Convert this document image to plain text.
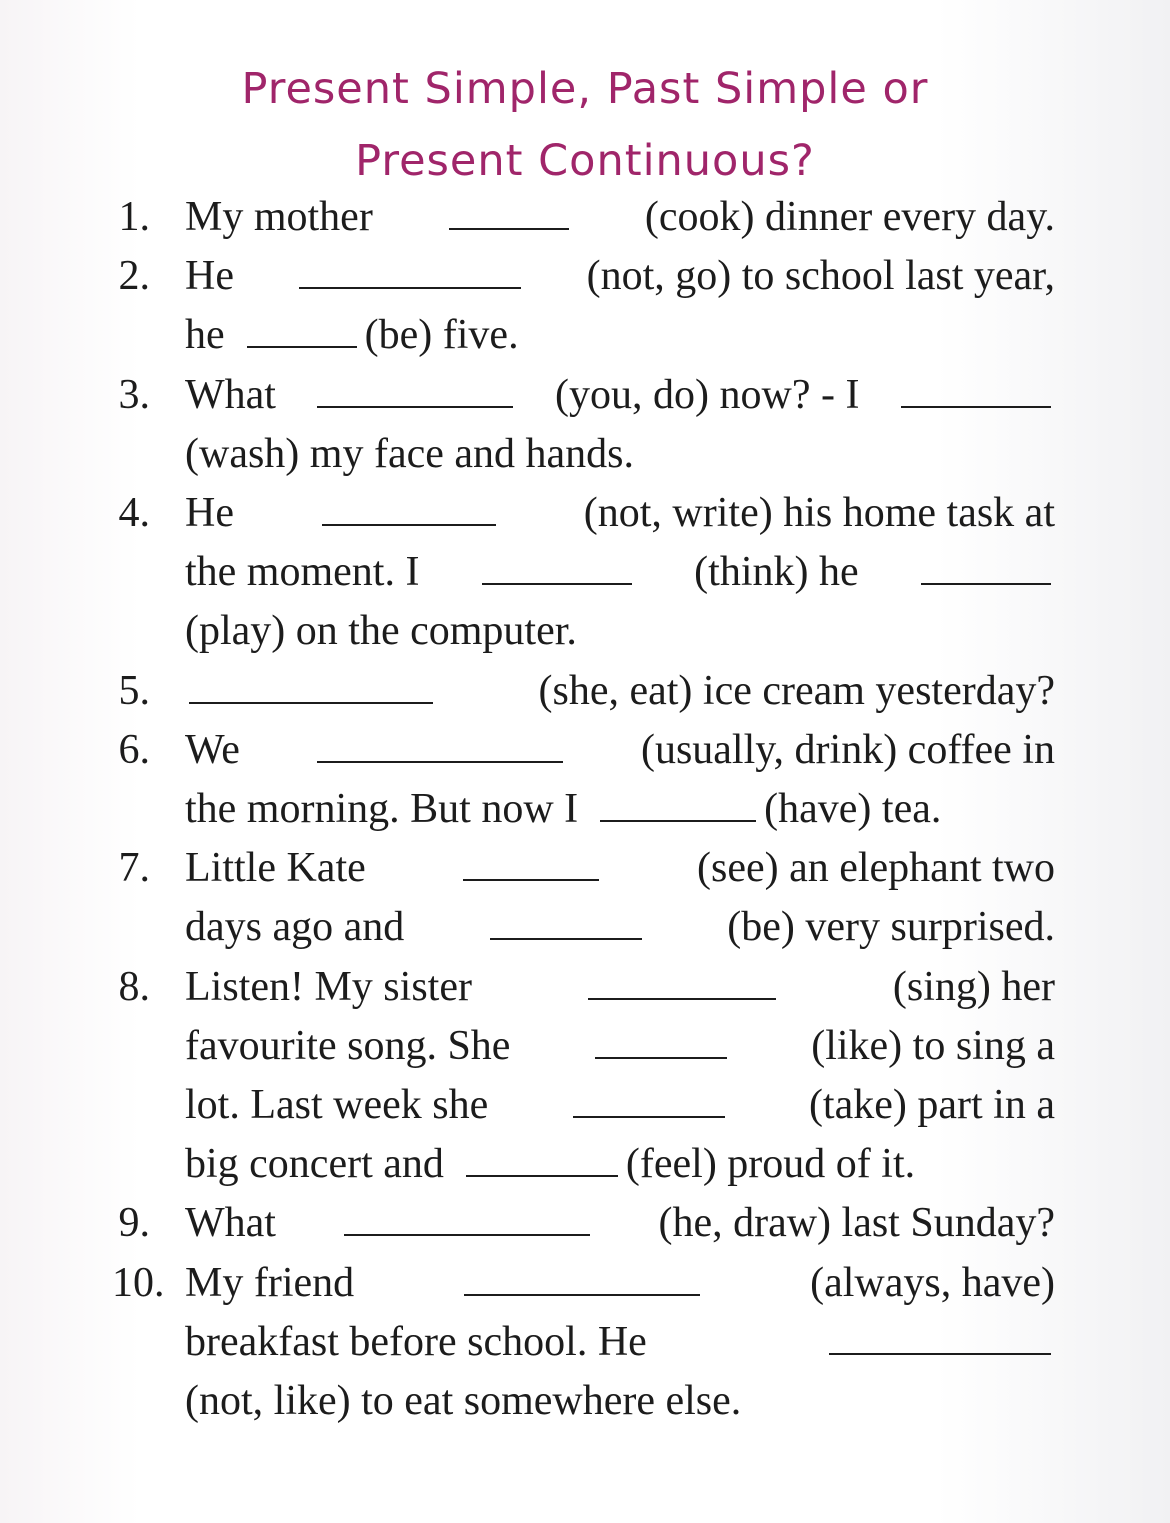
Present Simple, Past Simple or
Present Continuous?
1. My mother	(cook) dinner every day.
2. He	(not, go) to school last year,
he	(be) five.
3. What	(you, do) now? - I
(wash) my face and hands.
4. He	(not, write) his home task at
the moment. I	(think) he
(play) on the computer.
5.	(she, eat) ice cream yesterday?
6. We	(usually, drink) coffee in
the morning. But now I	(have) tea.
7. Little Kate	(see) an elephant two
days ago and	(be) very surprised.
8. Listen! My sister	(sing) her
favourite song. She	(like) to sing a
lot. Last week she	(take) part in a
big concert and	(feel) proud of it.
9. What	(he, draw) last Sunday?
10. My friend	(always, have)
breakfast before school. He
(not, like) to eat somewhere else.
